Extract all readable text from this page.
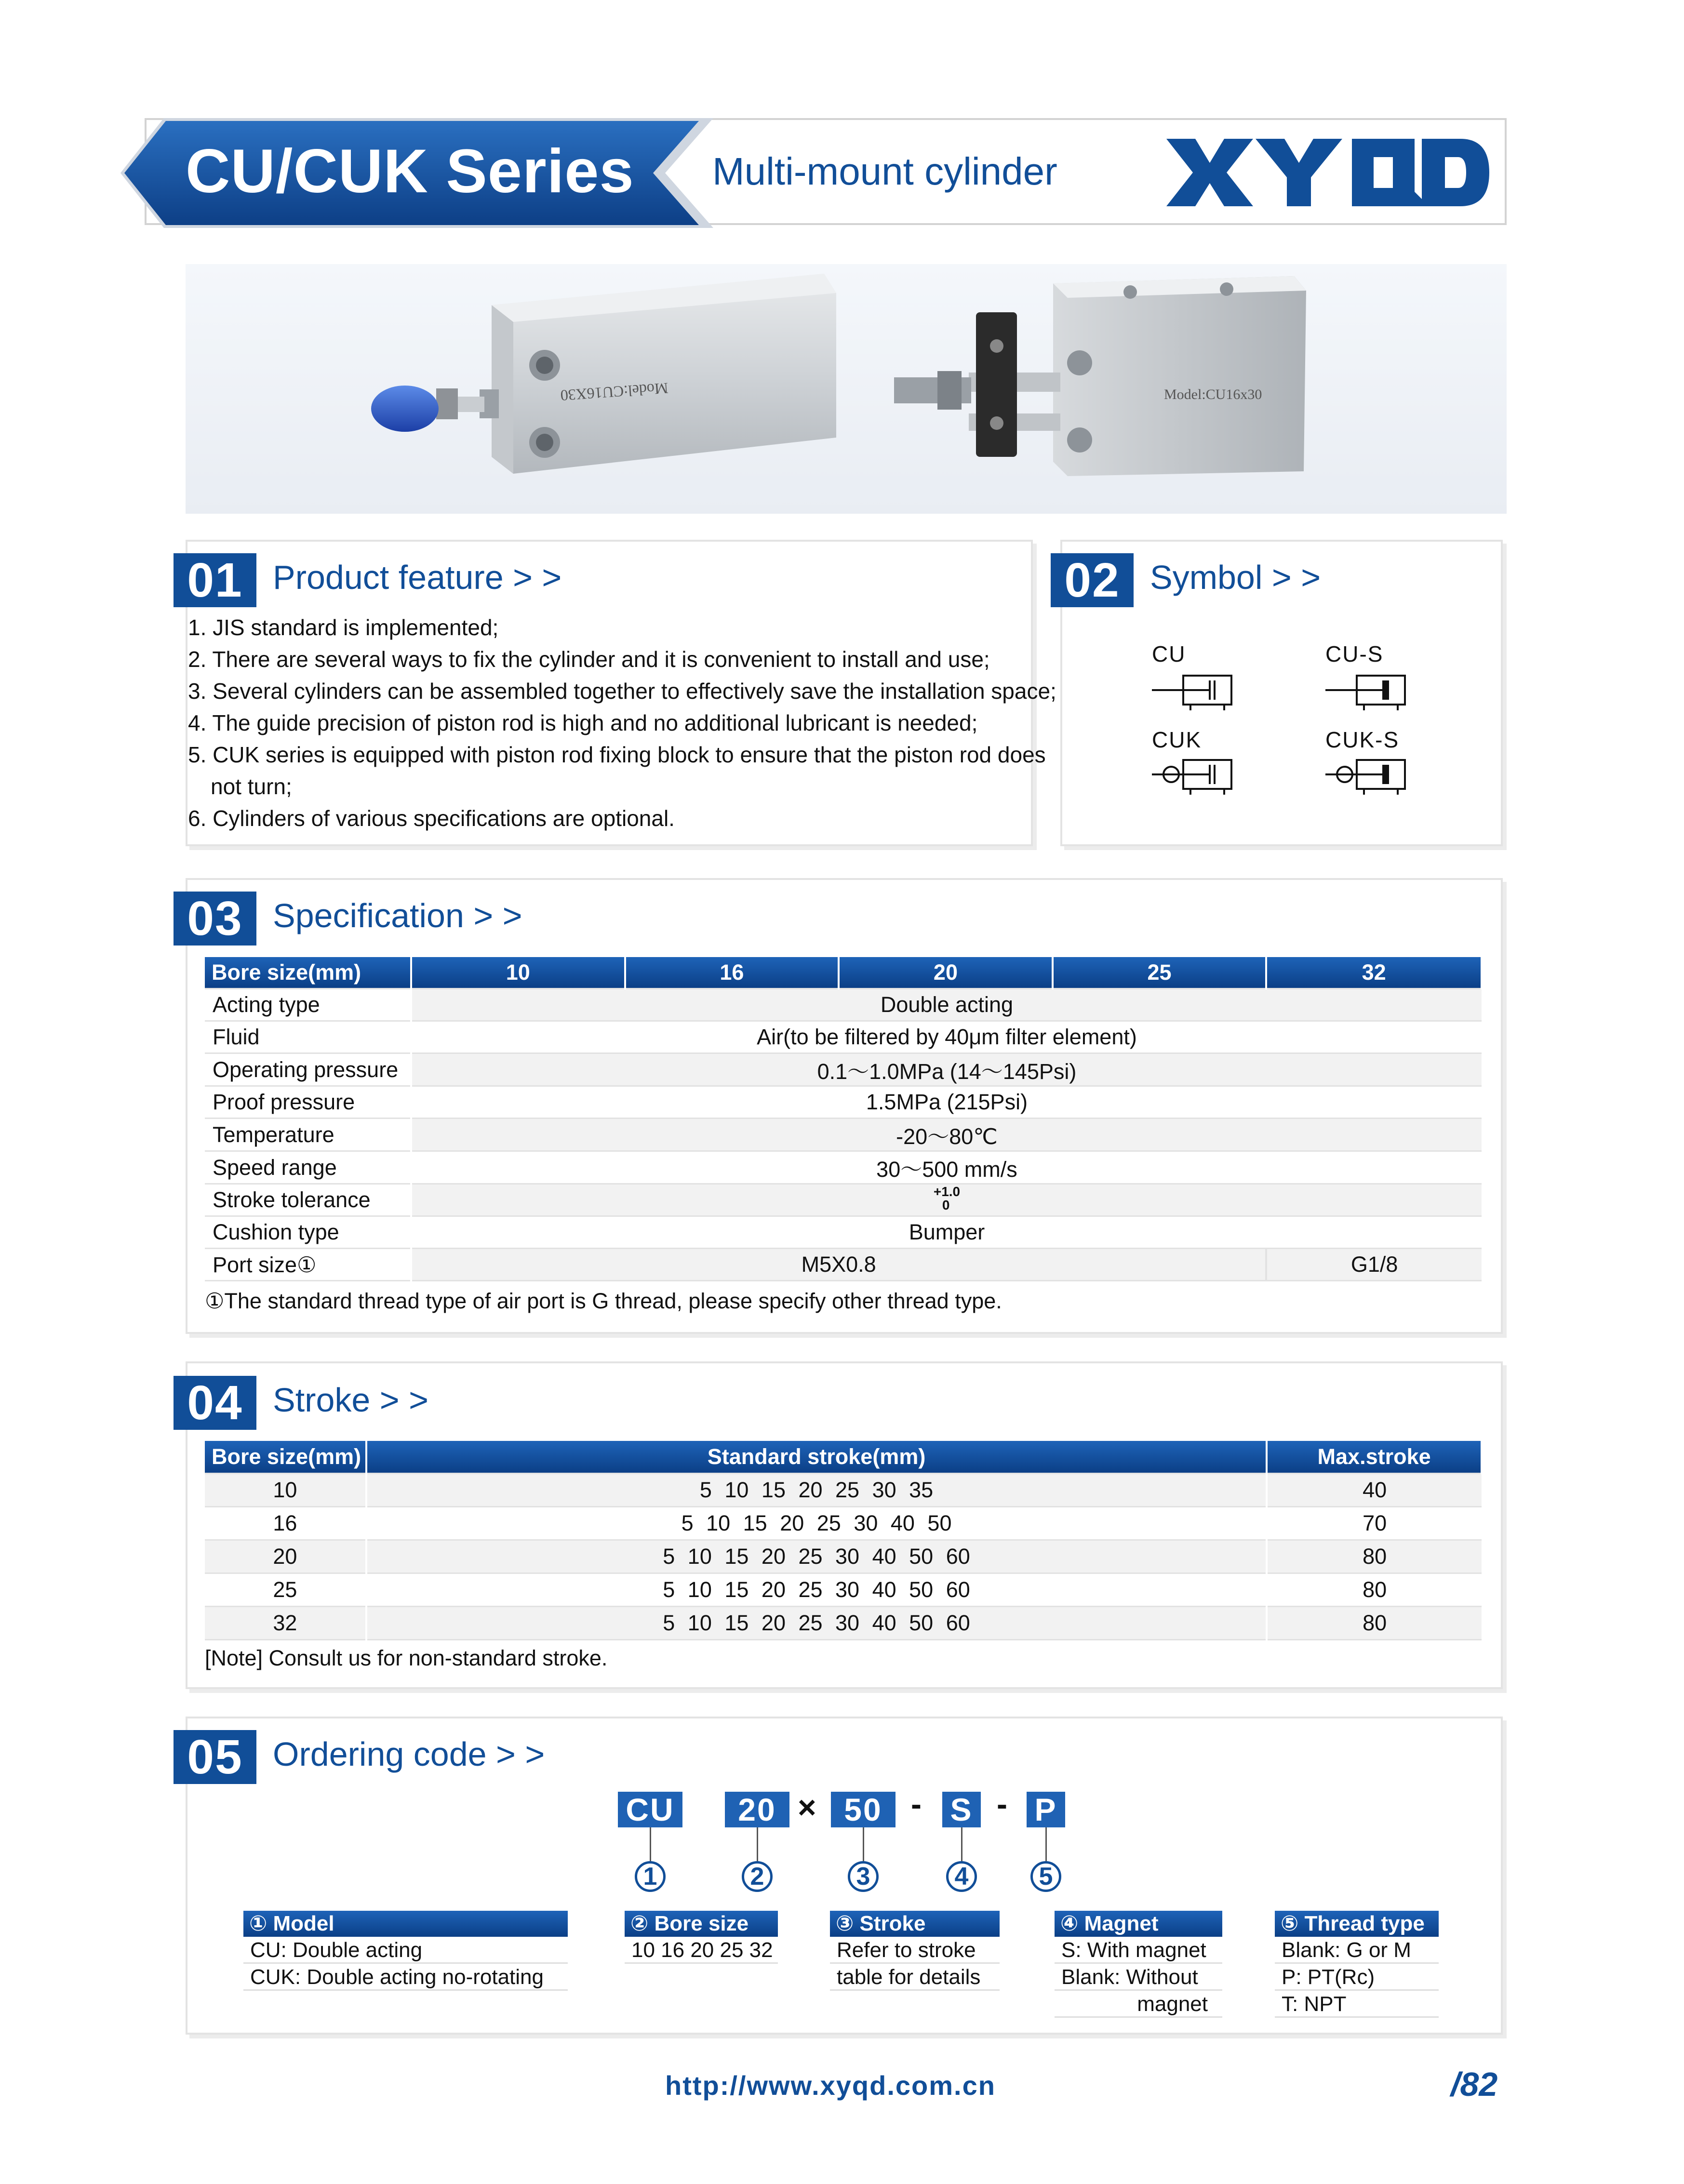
CU/CUK Series Multi-mount cylinder
Model:CU16X30	Model:CU16x30
01 Product feature > >
1. JIS standard is implemented;
2. There are several ways to fix the cylinder and it is convenient to install and use;
3. Several cylinders can be assembled together to effectively save the installation space;
4. The guide precision of piston rod is high and no additional lubricant is needed;
5. CUK series is equipped with piston rod fixing block to ensure that the piston rod does
not turn;
6. Cylinders of various specifications are optional.
02 Symbol > >
CU	CU-S
CUK	CUK-S
03 Specification > >
Bore size(mm)	10	16	20	25	32
Acting type	Double acting				
Fluid	Air(to be filtered by 40μm filter element)				
Operating pressure	0.1～1.0MPa (14～145Psi)				
Proof pressure	1.5MPa (215Psi)				
Temperature	-20～80℃				
Speed range	30～500 mm/s				
Stroke tolerance	+1.0
0				

Cushion type	Bumper				
Port size①	M5X0.8				G1/8
①The standard thread type of air port is G thread, please specify other thread type.
04 Stroke > >
Bore size(mm)	Standard stroke(mm)	Max.stroke
10	5 10 15 20 25 30 35	40
16	5 10 15 20 25 30 40 50	70
20	5 10 15 20 25 30 40 50 60	80
25	5 10 15 20 25 30 40 50 60	80
32	5 10 15 20 25 30 40 50 60	80
[Note] Consult us for non-standard stroke.
05 Ordering code > >
CU	20 × 50 - S - P
1	2	3	4	5
① Model
CU: Double acting
CUK: Double acting no-rotating
② Bore size
10 16 20 25 32
③ Stroke
Refer to stroke
table for details
④ Magnet
S: With magnet
Blank: Without
magnet
⑤ Thread type
Blank: G or M
P: PT(Rc)
T: NPT
http://www.xyqd.com.cn	/82
